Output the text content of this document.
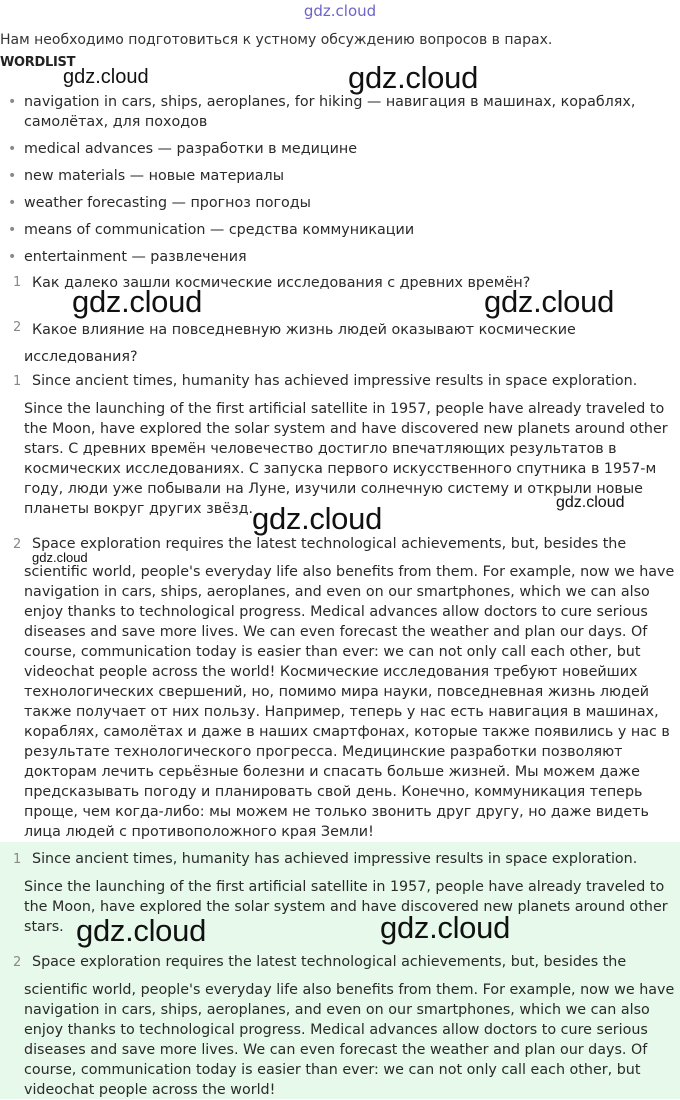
gdz.cloud
Нам необходимо подготовиться к устному обсуждению вопросов в парах.
WORDLIST
• navigation in cars, ships, aeroplanes, for hiking — навигация в машинах, кораблях, самолётах, для походов
• medical advances — разработки в медицине
• new materials — новые материалы
• weather forecasting — прогноз погоды
• means of communication — средства коммуникации
• entertainment — развлечения
1 Как далеко зашли космические исследования с древних времён?
2 Какое влияние на повседневную жизнь людей оказывают космические исследования?
1 Since ancient times, humanity has achieved impressive results in space exploration.
Since the launching of the first artificial satellite in 1957, people have already traveled to the Moon, have explored the solar system and have discovered new planets around other stars. С древних времён человечество достигло впечатляющих результатов в космических исследованиях. С запуска первого искусственного спутника в 1957-м году, люди уже побывали на Луне, изучили солнечную систему и открыли новые планеты вокруг других звёзд.
2 Space exploration requires the latest technological achievements, but, besides the
scientific world, people's everyday life also benefits from them. For example, now we have navigation in cars, ships, aeroplanes, and even on our smartphones, which we can also enjoy thanks to technological progress. Medical advances allow doctors to cure serious diseases and save more lives. We can even forecast the weather and plan our days. Of course, communication today is easier than ever: we can not only call each other, but videochat people across the world! Космические исследования требуют новейших технологических свершений, но, помимо мира науки, повседневная жизнь людей также получает от них пользу. Например, теперь у нас есть навигация в машинах, кораблях, самолётах и даже в наших смартфонах, которые также появились у нас в результате технологического прогресса. Медицинские разработки позволяют докторам лечить серьёзные болезни и спасать больше жизней. Мы можем даже предсказывать погоду и планировать свой день. Конечно, коммуникация теперь проще, чем когда-либо: мы можем не только звонить друг другу, но даже видеть лица людей с противоположного края Земли!
1 Since ancient times, humanity has achieved impressive results in space exploration.
Since the launching of the first artificial satellite in 1957, people have already traveled to the Moon, have explored the solar system and have discovered new planets around other stars.
2 Space exploration requires the latest technological achievements, but, besides the
scientific world, people's everyday life also benefits from them. For example, now we have navigation in cars, ships, aeroplanes, and even on our smartphones, which we can also enjoy thanks to technological progress. Medical advances allow doctors to cure serious diseases and save more lives. We can even forecast the weather and plan our days. Of course, communication today is easier than ever: we can not only call each other, but videochat people across the world!
gdz.cloud	gdz.cloud
gdz.cloud	gdz.cloud
gdz.cloud
gdz.cloud
gdz.cloud
gdz.cloud	gdz.cloud
